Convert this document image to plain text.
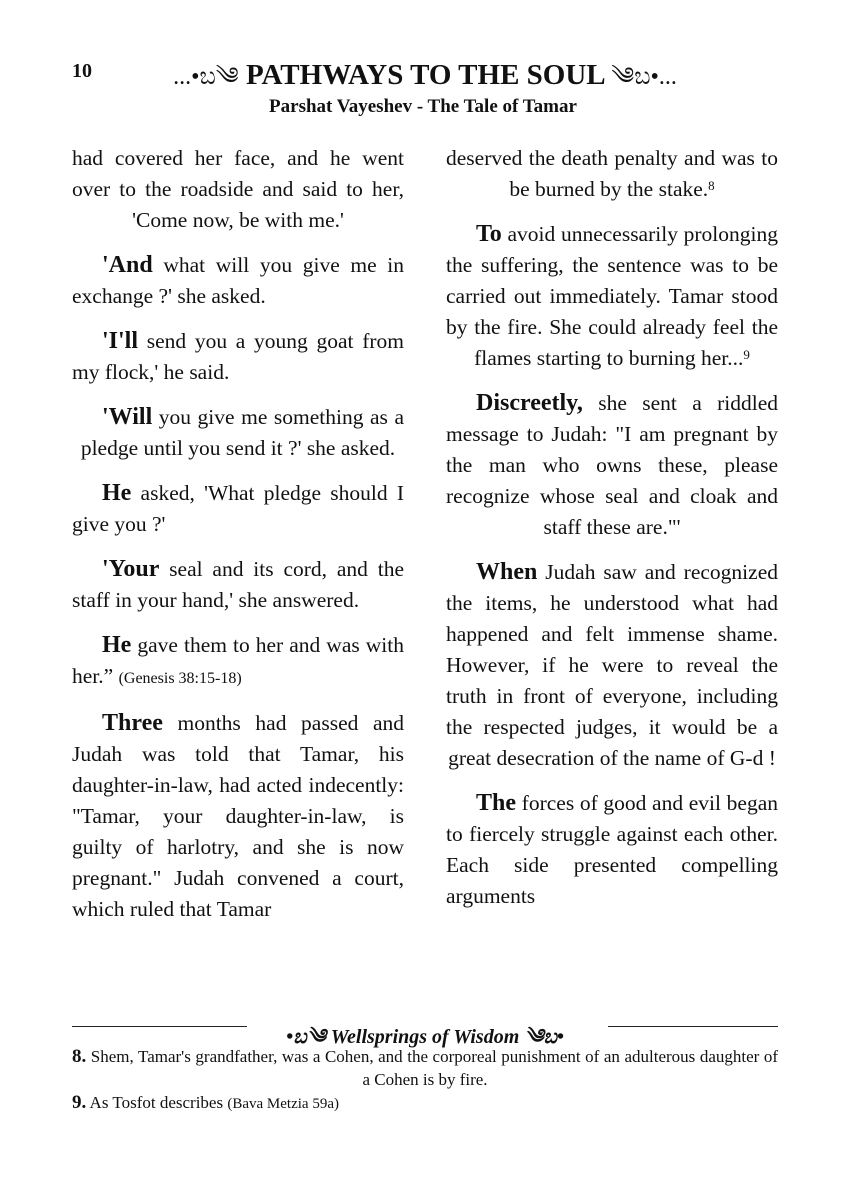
10	...•ಬ༄ PATHWAYS TO THE SOUL ༄ಬ•...
Parshat Vayeshev - The Tale of Tamar

had covered her face, and he went over to the roadside and said to her, 'Come now, be with me.'

'And what will you give me in exchange ?' she asked.

'I'll send you a young goat from my flock,' he said.

'Will you give me something as a pledge until you send it ?' she asked.

He asked, 'What pledge should I give you ?'

'Your seal and its cord, and the staff in your hand,' she answered.

He gave them to her and was with her.” (Genesis 38:15-18)

Three months had passed and Judah was told that Tamar, his daughter-in-law, had acted indecently: "Tamar, your daughter-in-law, is guilty of harlotry, and she is now pregnant." Judah convened a court, which ruled that Tamar

deserved the death penalty and was to be burned by the stake.$^8$

To avoid unnecessarily prolonging the suffering, the sentence was to be carried out immediately. Tamar stood by the fire. She could already feel the flames starting to burning her...$^9$

Discreetly, she sent a riddled message to Judah: "I am pregnant by the man who owns these, please recognize whose seal and cloak and staff these are."'

When Judah saw and recognized the items, he understood what had happened and felt immense shame. However, if he were to reveal the truth in front of everyone, including the respected judges, it would be a great desecration of the name of G-d !

The forces of good and evil began to fiercely struggle against each other. Each side presented compelling arguments

•ಬ༄ Wellsprings of Wisdom ༄ಬ•
8. Shem, Tamar's grandfather, was a Cohen, and the corporeal punishment of an adulterous daughter of a Cohen is by fire.
9. As Tosfot describes (Bava Metzia 59a)
